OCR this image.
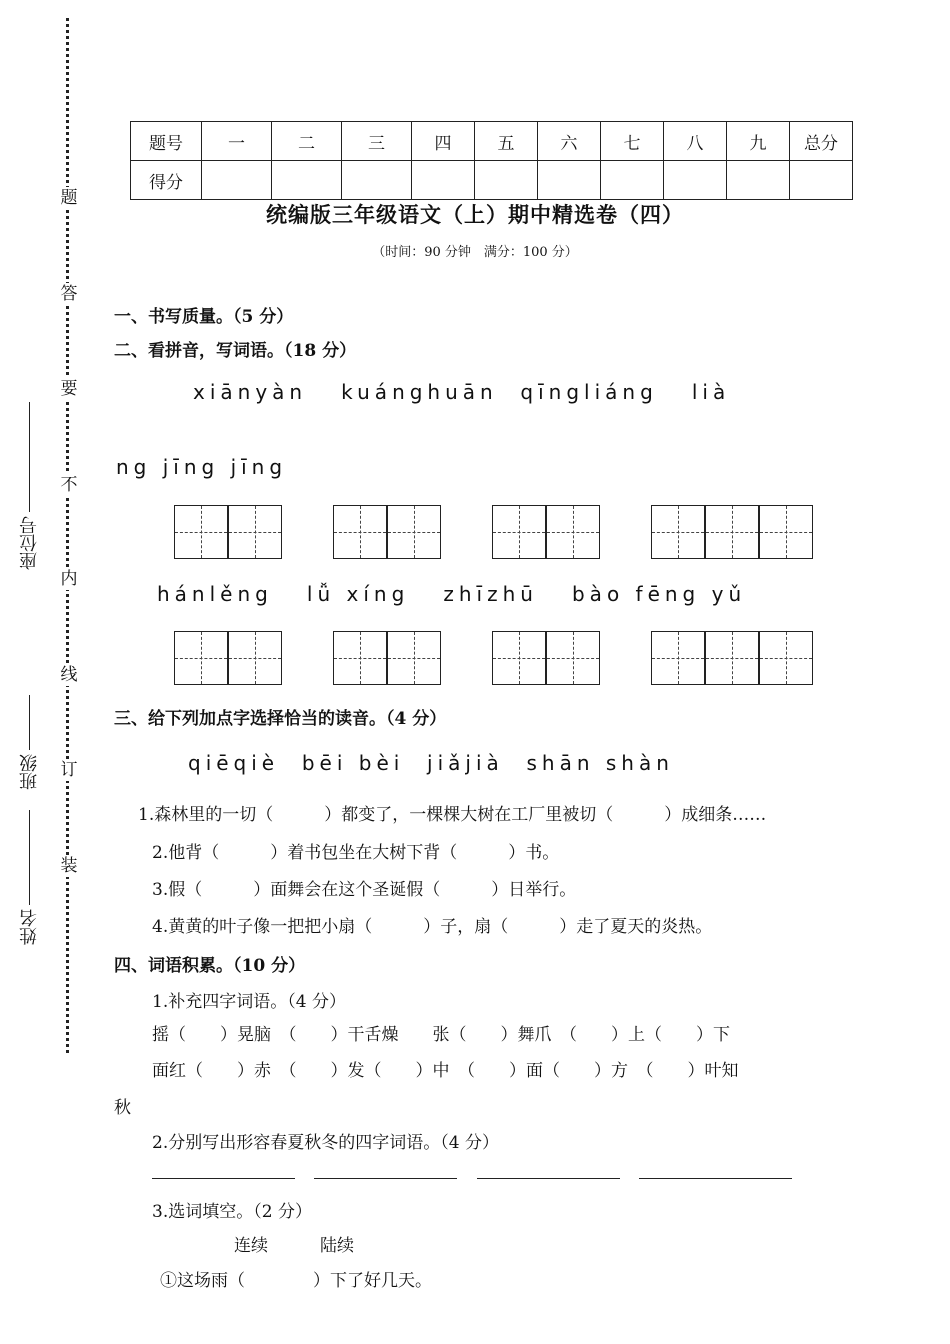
题
答
要
不
内
线
订
装
座位号
班级
姓名
题号	一	二	三	四	五	六	七	八	九	总分
得分										
统编版三年级语文（上）期中精选卷（四）
（时间：90 分钟　满分：100 分）
一、书写质量。（5 分）
二、看拼音，写词语。（18 分）
xiānyàn   kuánghuān  qīngliáng   lià
ng jīng jīng
hánlěng   lǚ xíng   zhīzhū   bào fēng yǔ
三、给下列加点字选择恰当的读音。（4 分）
qiēqiè  bēi bèi  jiǎjià  shān shàn
1.森林里的一切（　　　）都变了，一棵棵大树在工厂里被切（　　　）成细条……
2.他背（　　　）着书包坐在大树下背（　　　）书。
3.假（　　　）面舞会在这个圣诞假（　　　）日举行。
4.黄黄的叶子像一把把小扇（　　　）子，扇（　　　）走了夏天的炎热。
四、词语积累。（10 分）
1.补充四字词语。（4 分）
摇（　　）晃脑　（　　）干舌燥　　张（　　）舞爪　（　　）上（　　）下
面红（　　）赤　（　　）发（　　）中　（　　）面（　　）方　（　　）叶知
秋
2.分别写出形容春夏秋冬的四字词语。（4 分）
3.选词填空。（2 分）
连续	陆续
①这场雨（　　　　）下了好几天。
